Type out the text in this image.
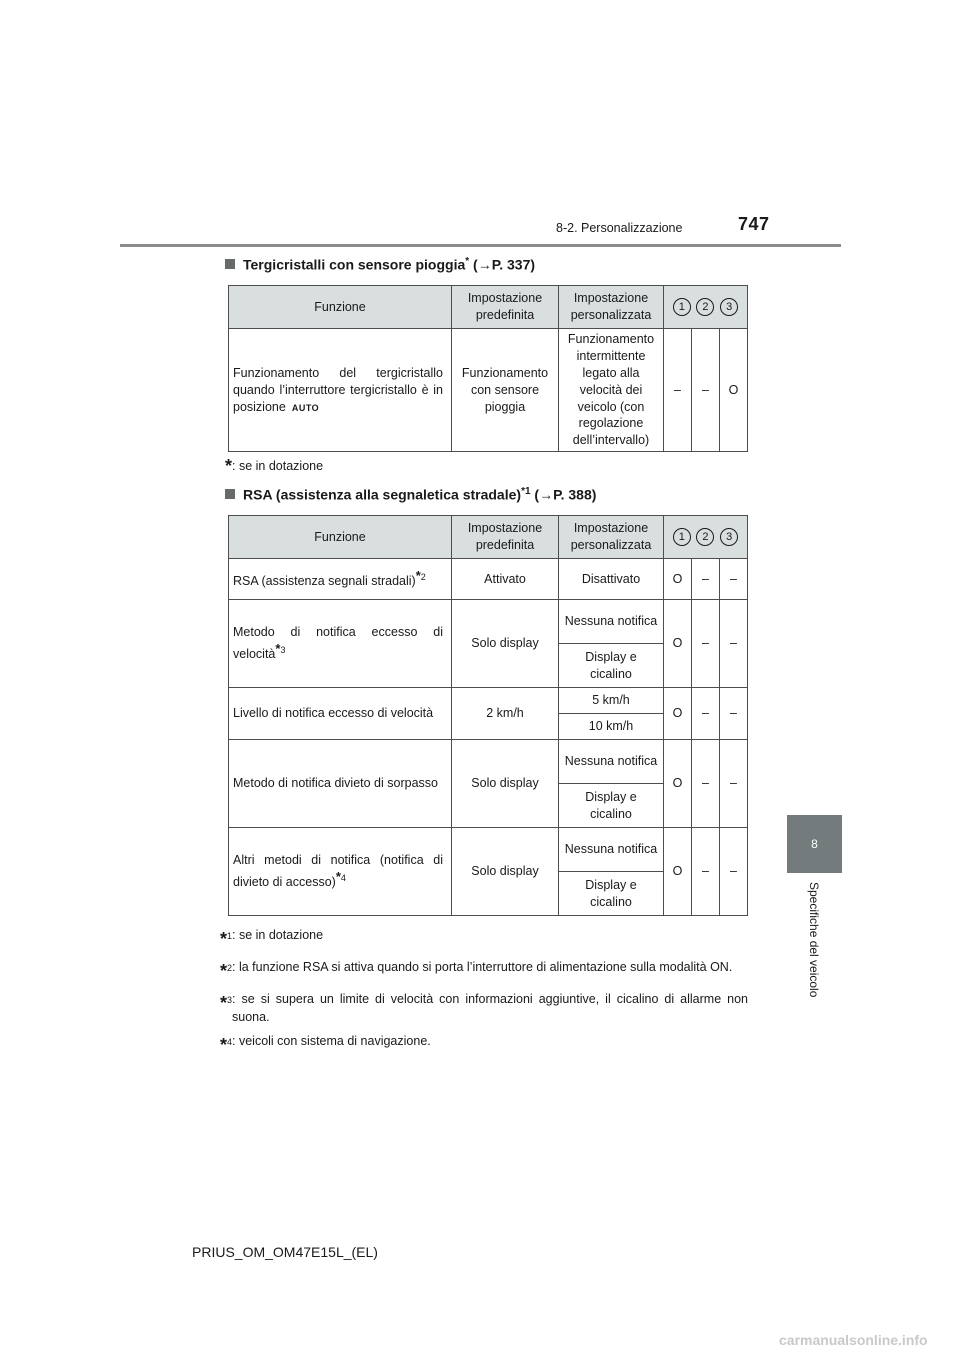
747
8-2. Personalizzazione
8
Specifiche del veicolo
Tergicristalli con sensore pioggia* (→P. 337)
Funzione	Impostazione predefinita	Impostazione personalizzata	1 2 3		

Funzionamento del tergicristallo quando l’interruttore tergicristallo è in posizione AUTO	Funzionamento con sensore pioggia	Funzionamento intermittente legato alla velocità dei veicolo (con regolazione dell’intervallo)	–	–	O
*: se in dotazione
RSA (assistenza alla segnaletica stradale)$^{*1}$ (→P. 388)
Funzione	Impostazione predefinita	Impostazione personalizzata	1 2 3		

RSA (assistenza segnali stradali)$^{*2}$	Attivato	Disattivato	O	–	–
Metodo di notifica eccesso di velocità$^{*3}$	Solo display	Nessuna notifica	O	–	–
		Display e cicalino			
Livello di notifica eccesso di velocità	2 km/h	5 km/h	O	–	–
		10 km/h			
Metodo di notifica divieto di sorpasso	Solo display	Nessuna notifica	O	–	–
		Display e cicalino			
Altri metodi di notifica (notifica di divieto di accesso)$^{*4}$	Solo display	Nessuna notifica	O	–	–
		Display e cicalino			
*$^1$ : se in dotazione
*$^2$ : la funzione RSA si attiva quando si porta l’interruttore di alimentazione sulla modalità ON.
*$^3$ : se si supera un limite di velocità con informazioni aggiuntive, il cicalino di allarme non suona.
*$^4$ : veicoli con sistema di navigazione.
PRIUS_OM_OM47E15L_(EL)
carmanualsonline.info
